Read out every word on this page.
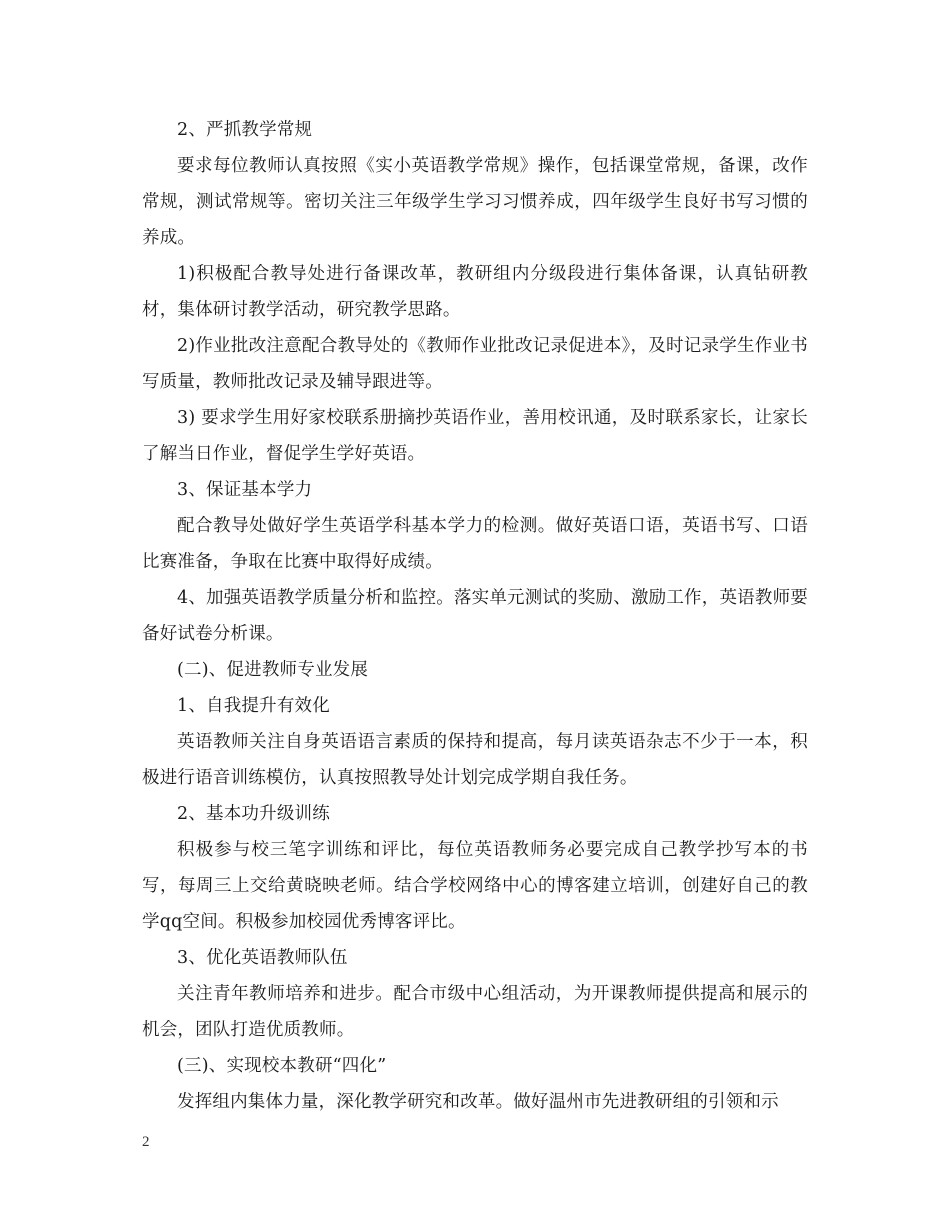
2、严抓教学常规

要求每位教师认真按照《实小英语教学常规》操作，包括课堂常规，备课，改作常规，测试常规等。密切关注三年级学生学习习惯养成，四年级学生良好书写习惯的养成。

1)积极配合教导处进行备课改革，教研组内分级段进行集体备课，认真钻研教材，集体研讨教学活动，研究教学思路。

2)作业批改注意配合教导处的《教师作业批改记录促进本》，及时记录学生作业书写质量，教师批改记录及辅导跟进等。

3) 要求学生用好家校联系册摘抄英语作业，善用校讯通，及时联系家长，让家长了解当日作业，督促学生学好英语。

3、保证基本学力

配合教导处做好学生英语学科基本学力的检测。做好英语口语，英语书写、口语比赛准备，争取在比赛中取得好成绩。

4、加强英语教学质量分析和监控。落实单元测试的奖励、激励工作，英语教师要备好试卷分析课。

(二)、促进教师专业发展

1、自我提升有效化

英语教师关注自身英语语言素质的保持和提高，每月读英语杂志不少于一本，积极进行语音训练模仿，认真按照教导处计划完成学期自我任务。

2、基本功升级训练

积极参与校三笔字训练和评比，每位英语教师务必要完成自己教学抄写本的书写，每周三上交给黄晓映老师。结合学校网络中心的博客建立培训，创建好自己的教学qq空间。积极参加校园优秀博客评比。

3、优化英语教师队伍

关注青年教师培养和进步。配合市级中心组活动，为开课教师提供提高和展示的机会，团队打造优质教师。

(三)、实现校本教研“四化”

发挥组内集体力量，深化教学研究和改革。做好温州市先进教研组的引领和示

2
